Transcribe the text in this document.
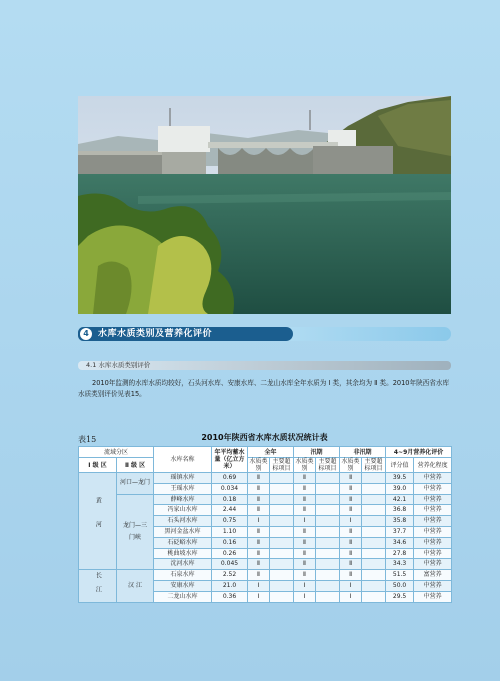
4	水库水质类别及营养化评价
4.1 水库水质类别评价

2010年监测的水库水质均较好，石头河水库、安康水库、二龙山水库全年水质为 Ⅰ 类，其余均为 Ⅱ 类。2010年陕西省水库水质类别评价见表15。

表15	2010年陕西省水库水质状况统计表
流域分区		水库名称	年平均蓄水量（亿立方米）	全年		汛期		非汛期		4~9月营养化评价	
Ⅰ 级 区	Ⅱ 级 区			水质类别	主要超标项目	水质类别	主要超标项目	水质类别	主要超标项目	评分值	营养化程度

黄河	河口—龙门	瑶镇水库	0.69	Ⅱ		Ⅱ		Ⅱ		39.5	中营养
		王瑶水库	0.034	Ⅱ		Ⅱ		Ⅱ		39.0	中营养
	龙门—三门峡	薛峰水库	0.18	Ⅱ		Ⅱ		Ⅱ		42.1	中营养
		冯家山水库	2.44	Ⅱ		Ⅱ		Ⅱ		36.8	中营养
		石头河水库	0.75	Ⅰ		Ⅰ		Ⅰ		35.8	中营养
		黑河金盆水库	1.10	Ⅱ		Ⅱ		Ⅱ		37.7	中营养
		石砭峪水库	0.16	Ⅱ		Ⅱ		Ⅱ		34.6	中营养
		桃曲坡水库	0.26	Ⅱ		Ⅱ		Ⅱ		27.8	中营养
		沈河水库	0.045	Ⅱ		Ⅱ		Ⅱ		34.3	中营养
长江	汉 江	石泉水库	2.52	Ⅱ		Ⅱ		Ⅱ		51.5	富营养
		安康水库	21.0	Ⅰ		Ⅰ		Ⅰ		50.0	中营养
		二龙山水库	0.36	Ⅰ		Ⅰ		Ⅰ		29.5	中营养
